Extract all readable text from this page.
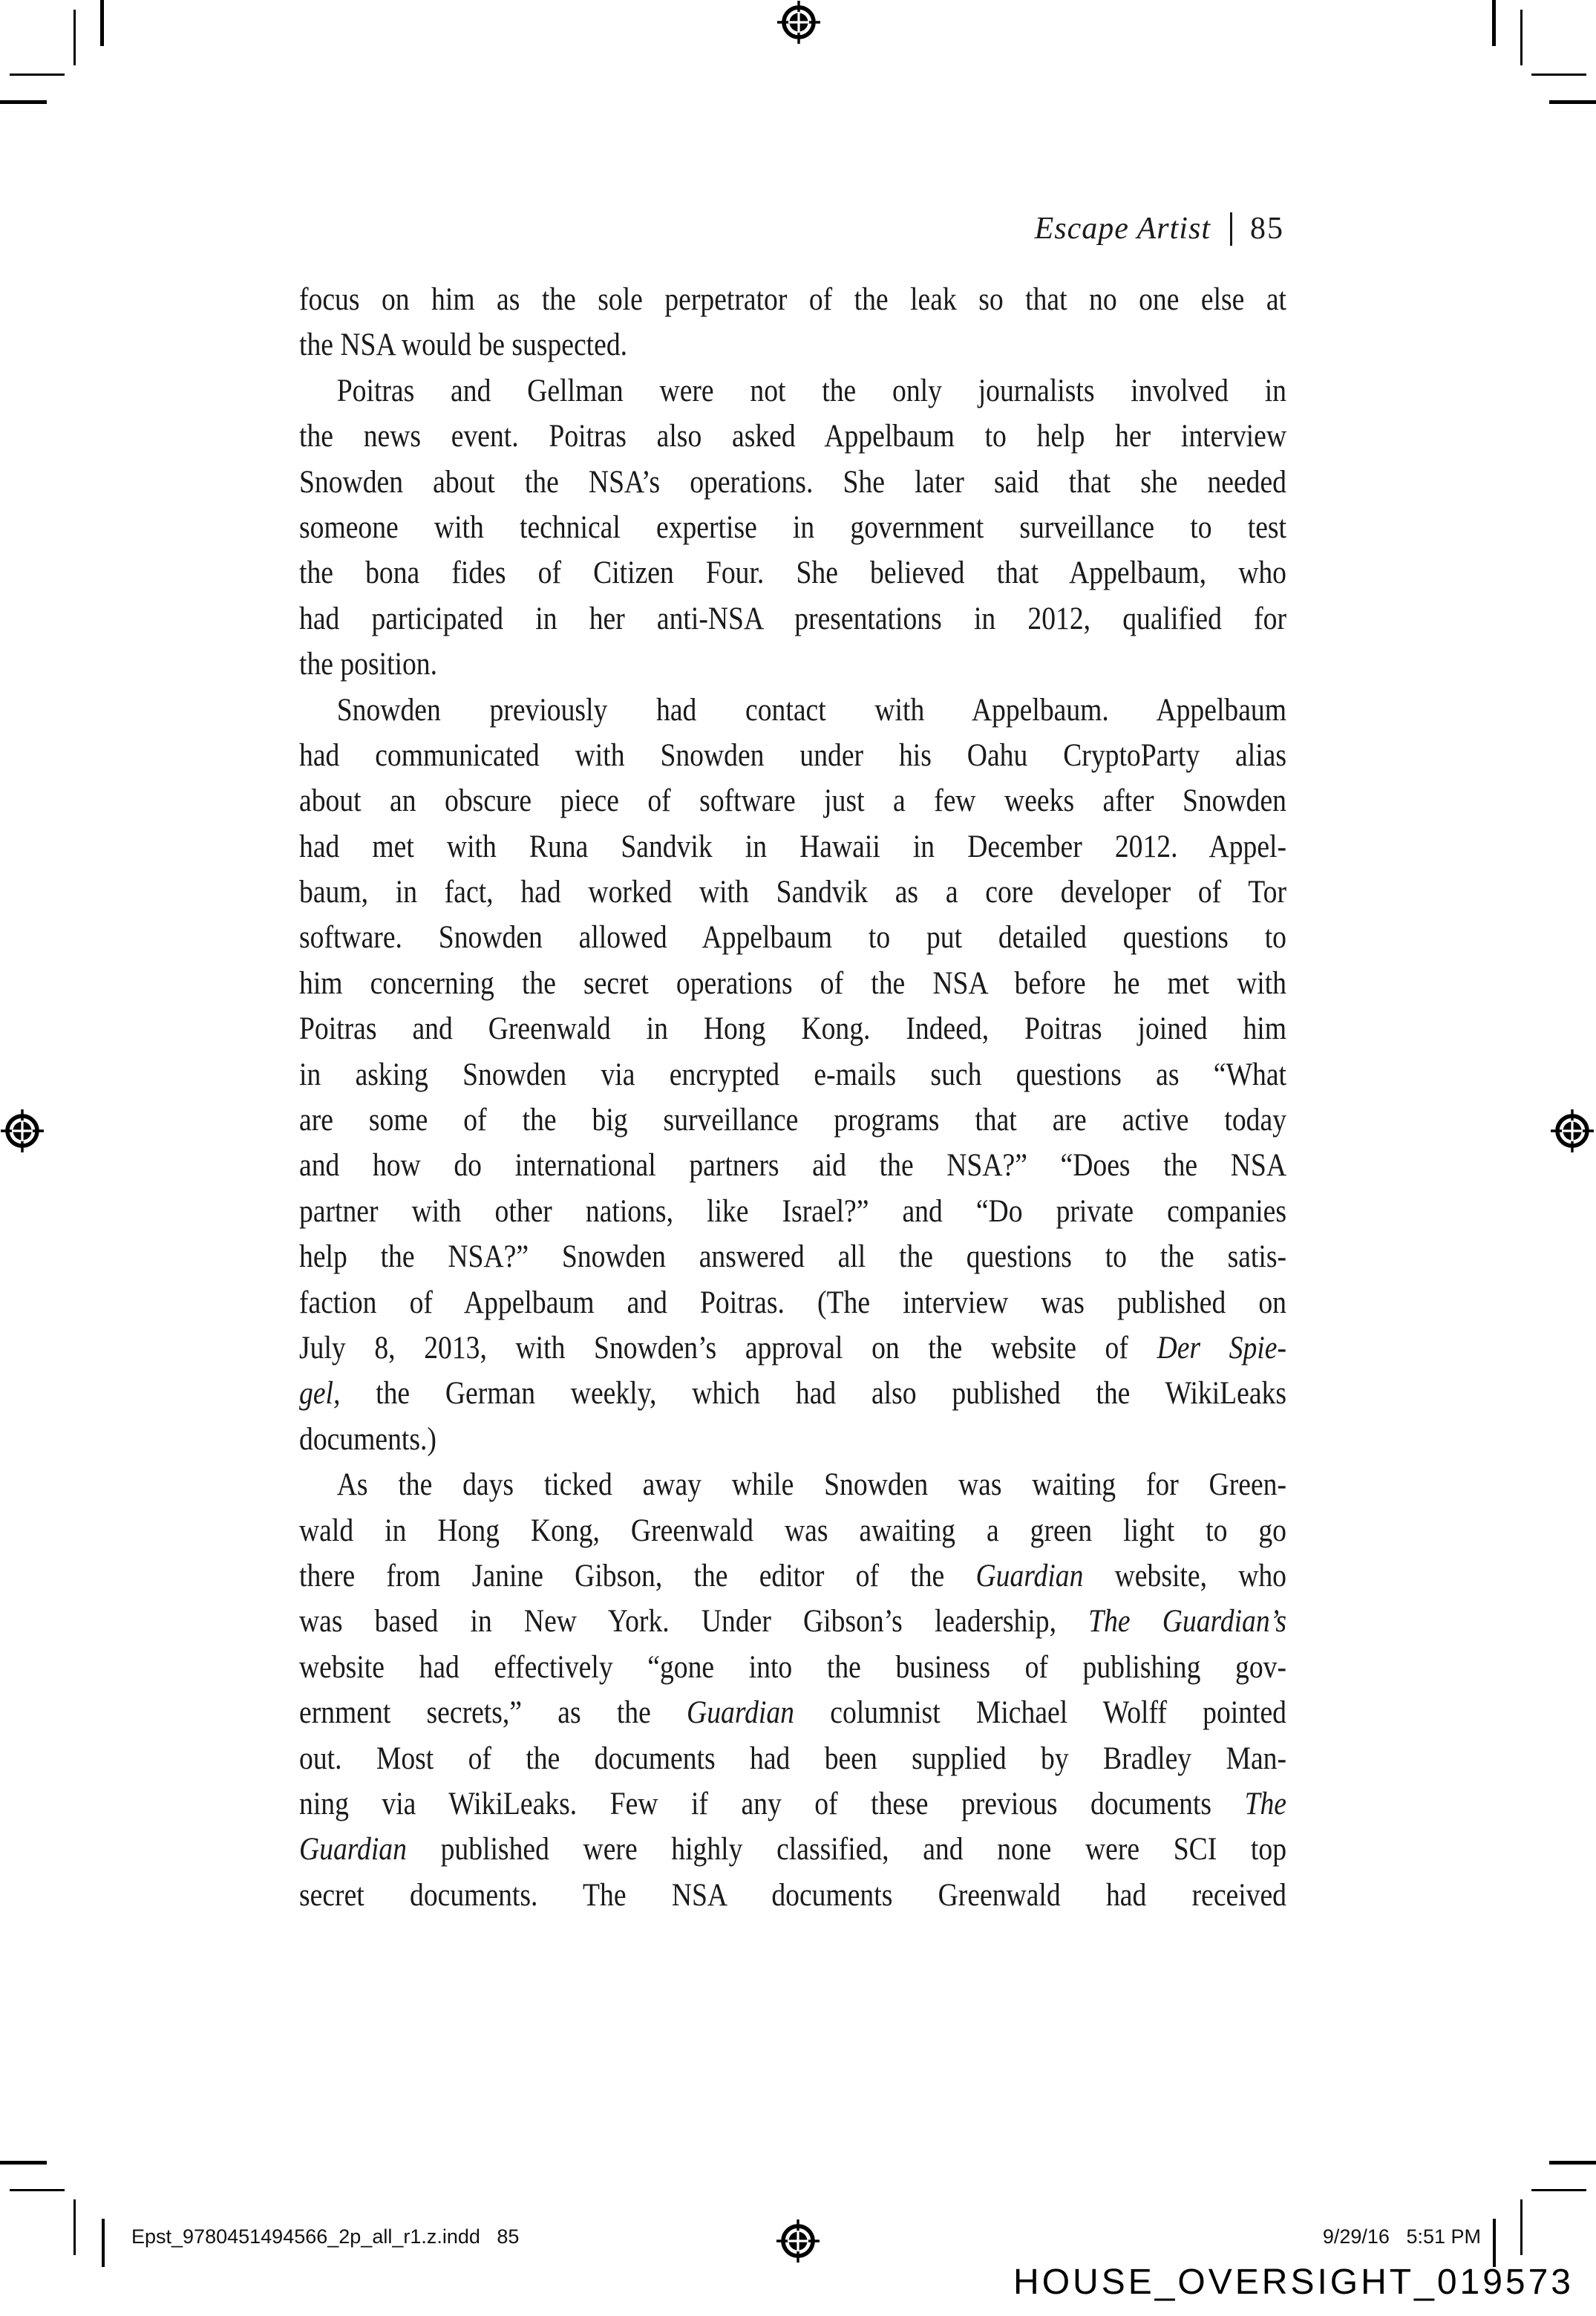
Escape Artist 85
focus on him as the sole perpetrator of the leak so that no one else at
the NSA would be suspected.
Poitras and Gellman were not the only journalists involved in
the news event. Poitras also asked Appelbaum to help her interview
Snowden about the NSA’s operations. She later said that she needed
someone with technical expertise in government surveillance to test
the bona fides of Citizen Four. She believed that Appelbaum, who
had participated in her anti-NSA presentations in 2012, qualified for
the position.
Snowden previously had contact with Appelbaum. Appelbaum
had communicated with Snowden under his Oahu CryptoParty alias
about an obscure piece of software just a few weeks after Snowden
had met with Runa Sandvik in Hawaii in December 2012. Appel-
baum, in fact, had worked with Sandvik as a core developer of Tor
software. Snowden allowed Appelbaum to put detailed questions to
him concerning the secret operations of the NSA before he met with
Poitras and Greenwald in Hong Kong. Indeed, Poitras joined him
in asking Snowden via encrypted e-mails such questions as “What
are some of the big surveillance programs that are active today
and how do international partners aid the NSA?” “Does the NSA
partner with other nations, like Israel?” and “Do private companies
help the NSA?” Snowden answered all the questions to the satis-
faction of Appelbaum and Poitras. (The interview was published on
July 8, 2013, with Snowden’s approval on the website of Der Spie-
gel, the German weekly, which had also published the WikiLeaks
documents.)
As the days ticked away while Snowden was waiting for Green-
wald in Hong Kong, Greenwald was awaiting a green light to go
there from Janine Gibson, the editor of the Guardian website, who
was based in New York. Under Gibson’s leadership, The Guardian’s
website had effectively “gone into the business of publishing gov-
ernment secrets,” as the Guardian columnist Michael Wolff pointed
out. Most of the documents had been supplied by Bradley Man-
ning via WikiLeaks. Few if any of these previous documents The
Guardian published were highly classified, and none were SCI top
secret documents. The NSA documents Greenwald had received
Epst_9780451494566_2p_all_r1.z.indd   85	9/29/16   5:51 PM
HOUSE_OVERSIGHT_019573
